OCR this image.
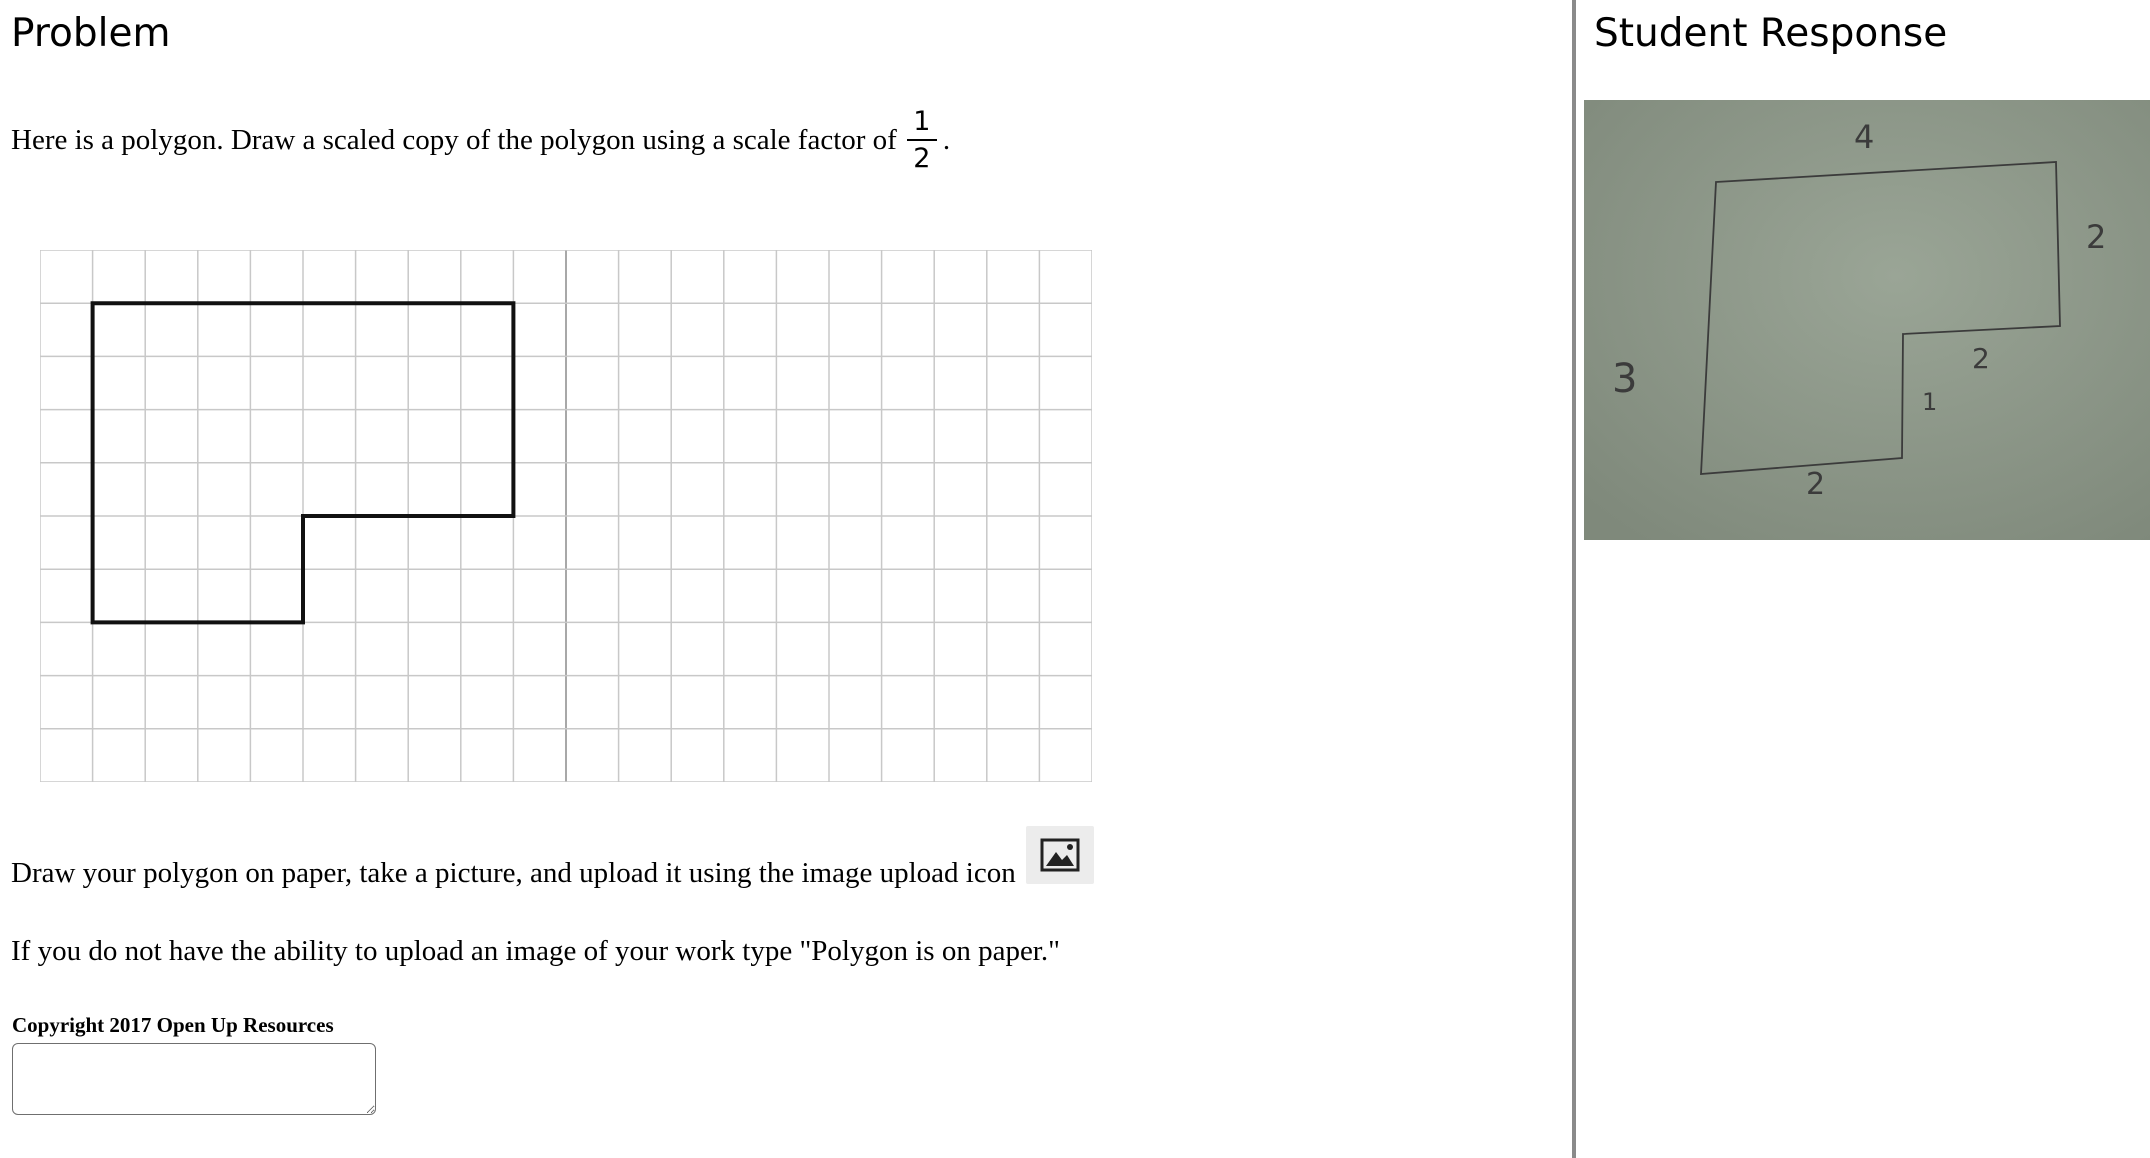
Problem
Here is a polygon. Draw a scaled copy of the polygon using a scale factor of $\frac{1}{2}$ .
Draw your polygon on paper, take a picture, and upload it using the image upload icon
If you do not have the ability to upload an image of your work type "Polygon is on paper."
Copyright 2017 Open Up Resources
Student Response
4
2
2
1
2
3
